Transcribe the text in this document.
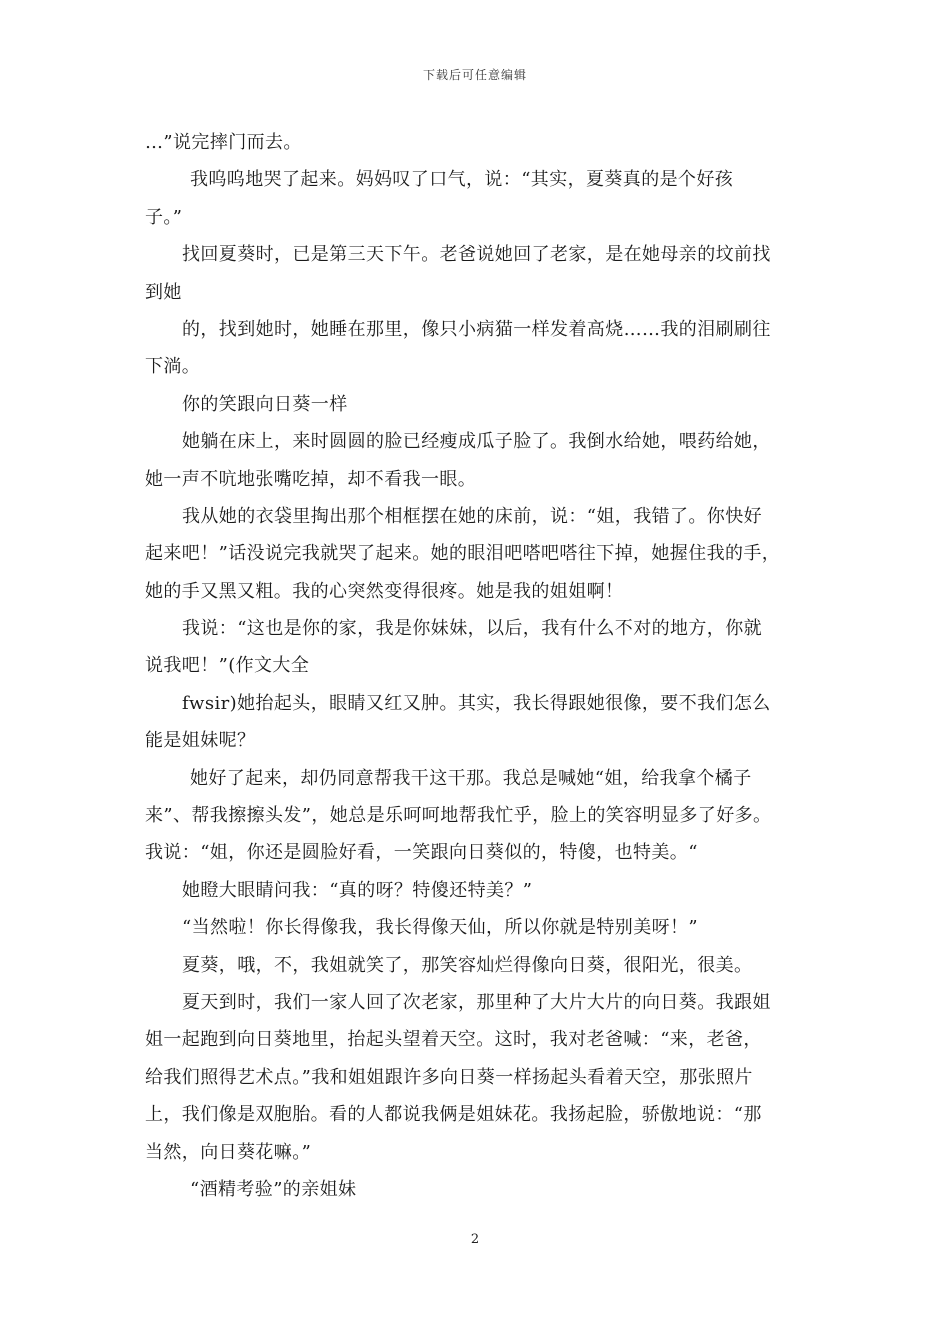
下载后可任意编辑
…”说完摔门而去。
我呜呜地哭了起来。妈妈叹了口气，说：“其实，夏葵真的是个好孩
子。”
找回夏葵时，已是第三天下午。老爸说她回了老家，是在她母亲的坟前找
到她
的，找到她时，她睡在那里，像只小病猫一样发着高烧……我的泪刷刷往
下淌。
你的笑跟向日葵一样
她躺在床上，来时圆圆的脸已经瘦成瓜子脸了。我倒水给她，喂药给她，
她一声不吭地张嘴吃掉，却不看我一眼。
我从她的衣袋里掏出那个相框摆在她的床前，说：“姐，我错了。你快好
起来吧！”话没说完我就哭了起来。她的眼泪吧嗒吧嗒往下掉，她握住我的手，
她的手又黑又粗。我的心突然变得很疼。她是我的姐姐啊！
我说：“这也是你的家，我是你妹妹，以后，我有什么不对的地方，你就
说我吧！”(作文大全
fwsir)她抬起头，眼睛又红又肿。其实，我长得跟她很像，要不我们怎么
能是姐妹呢？
她好了起来，却仍同意帮我干这干那。我总是喊她“姐，给我拿个橘子
来”、帮我擦擦头发”，她总是乐呵呵地帮我忙乎，脸上的笑容明显多了好多。
我说：“姐，你还是圆脸好看，一笑跟向日葵似的，特傻，也特美。“
她瞪大眼睛问我：“真的呀？特傻还特美？”
“当然啦！你长得像我，我长得像天仙，所以你就是特别美呀！”
夏葵，哦，不，我姐就笑了，那笑容灿烂得像向日葵，很阳光，很美。
夏天到时，我们一家人回了次老家，那里种了大片大片的向日葵。我跟姐
姐一起跑到向日葵地里，抬起头望着天空。这时，我对老爸喊：“来，老爸，
给我们照得艺术点。”我和姐姐跟许多向日葵一样扬起头看着天空，那张照片
上，我们像是双胞胎。看的人都说我俩是姐妹花。我扬起脸，骄傲地说：“那
当然，向日葵花嘛。”
“酒精考验”的亲姐妹
2
